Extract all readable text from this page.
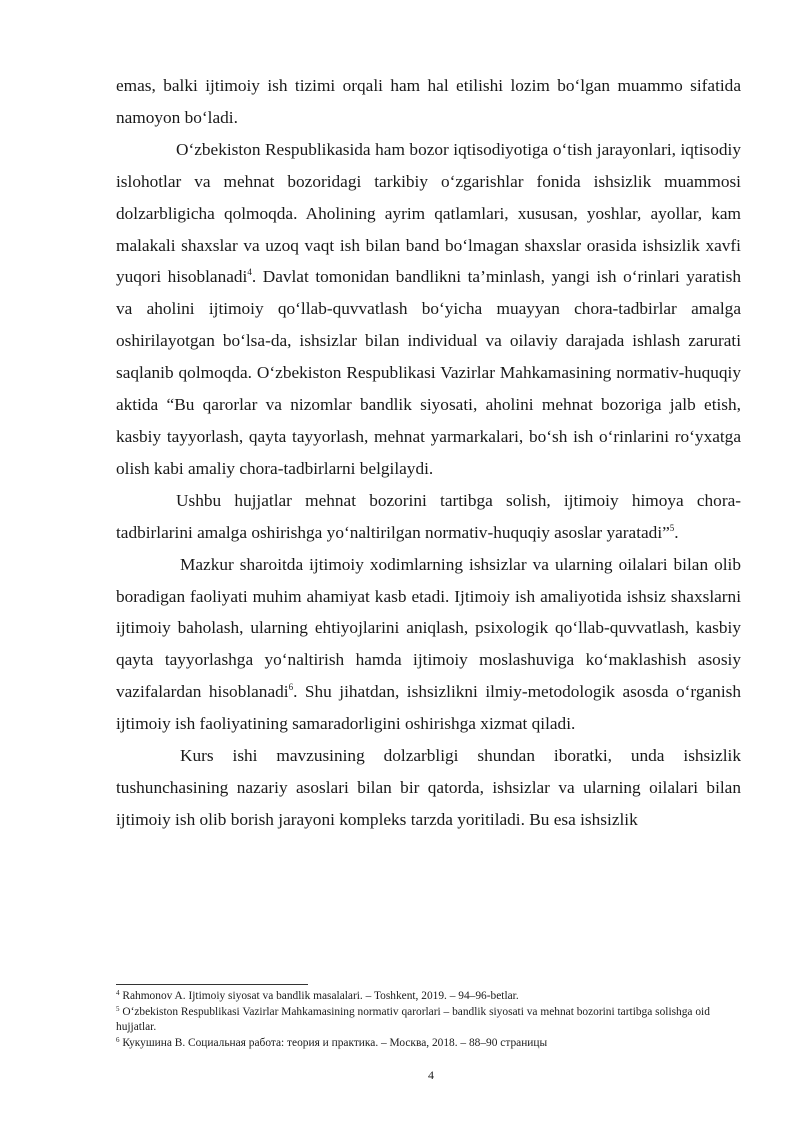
emas, balki ijtimoiy ish tizimi orqali ham hal etilishi lozim boʻlgan muammo sifatida namoyon boʻladi.

Oʻzbekiston Respublikasida ham bozor iqtisodiyotiga oʻtish jarayonlari, iqtisodiy islohotlar va mehnat bozoridagi tarkibiy oʻzgarishlar fonida ishsizlik muammosi dolzarbligicha qolmoqda. Aholining ayrim qatlamlari, xususan, yoshlar, ayollar, kam malakali shaxslar va uzoq vaqt ish bilan band boʻlmagan shaxslar orasida ishsizlik xavfi yuqori hisoblanadi$^4$. Davlat tomonidan bandlikni ta’minlash, yangi ish oʻrinlari yaratish va aholini ijtimoiy qoʻllab-quvvatlash boʻyicha muayyan chora-tadbirlar amalga oshirilayotgan boʻlsa-da, ishsizlar bilan individual va oilaviy darajada ishlash zarurati saqlanib qolmoqda. Oʻzbekiston Respublikasi Vazirlar Mahkamasining normativ-huquqiy aktida “Bu qarorlar va nizomlar bandlik siyosati, aholini mehnat bozoriga jalb etish, kasbiy tayyorlash, qayta tayyorlash, mehnat yarmarkalari, boʻsh ish oʻrinlarini roʻyxatga olish kabi amaliy chora-tadbirlarni belgilaydi.

Ushbu hujjatlar mehnat bozorini tartibga solish, ijtimoiy himoya chora-tadbirlarini amalga oshirishga yoʻnaltirilgan normativ-huquqiy asoslar yaratadi”$^5$.

Mazkur sharoitda ijtimoiy xodimlarning ishsizlar va ularning oilalari bilan olib boradigan faoliyati muhim ahamiyat kasb etadi. Ijtimoiy ish amaliyotida ishsiz shaxslarni ijtimoiy baholash, ularning ehtiyojlarini aniqlash, psixologik qoʻllab-quvvatlash, kasbiy qayta tayyorlashga yoʻnaltirish hamda ijtimoiy moslashuviga koʻmaklashish asosiy vazifalardan hisoblanadi$^6$. Shu jihatdan, ishsizlikni ilmiy-metodologik asosda oʻrganish ijtimoiy ish faoliyatining samaradorligini oshirishga xizmat qiladi.

Kurs ishi mavzusining dolzarbligi shundan iboratki, unda ishsizlik tushunchasining nazariy asoslari bilan bir qatorda, ishsizlar va ularning oilalari bilan ijtimoiy ish olib borish jarayoni kompleks tarzda yoritiladi. Bu esa ishsizlik

$^4$ Rahmonov A. Ijtimoiy siyosat va bandlik masalalari. – Toshkent, 2019. – 94–96-betlar.

$^5$ Oʻzbekiston Respublikasi Vazirlar Mahkamasining normativ qarorlari – bandlik siyosati va mehnat bozorini tartibga solishga oid hujjatlar.

$^6$ Кукушина В. Социальная работа: теория и практика. – Москва, 2018. – 88–90 страницы

4
